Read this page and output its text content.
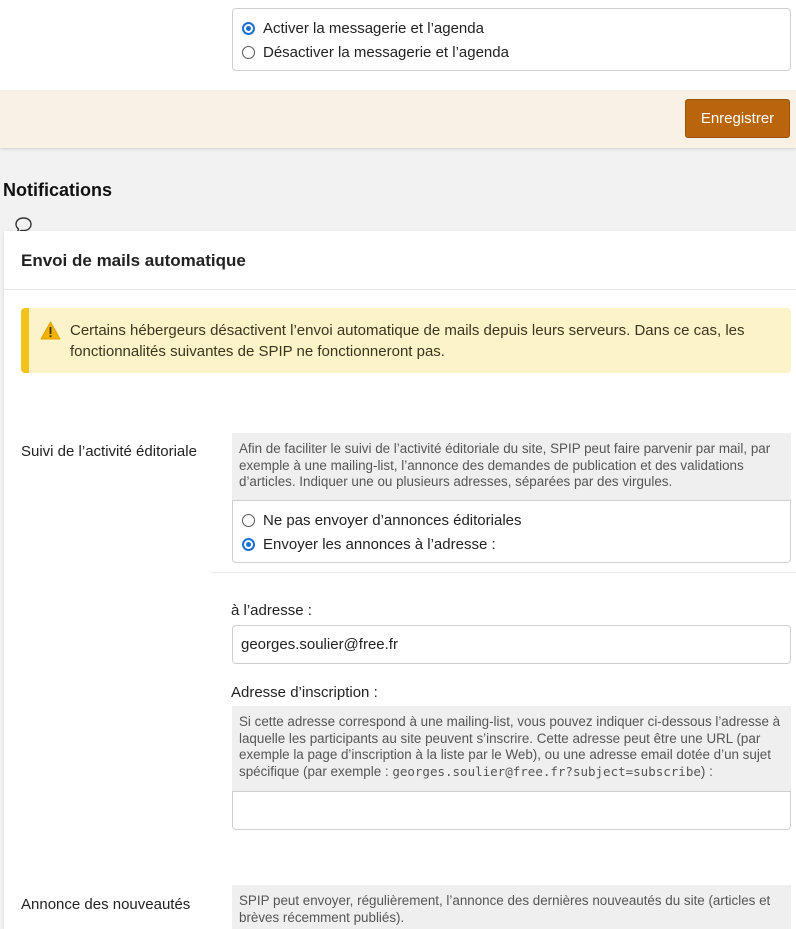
Activer la messagerie et l’agenda
Désactiver la messagerie et l’agenda
Enregistrer
Notifications
Envoi de mails automatique
Certains hébergeurs désactivent l’envoi automatique de mails depuis leurs serveurs. Dans ce cas, les fonctionnalités suivantes de SPIP ne fonctionneront pas.
Suivi de l’activité éditoriale	Afin de faciliter le suivi de l’activité éditoriale du site, SPIP peut faire parvenir par mail, par exemple à une mailing-list, l’annonce des demandes de publication et des validations d’articles. Indiquer une ou plusieurs adresses, séparées par des virgules.
Ne pas envoyer d’annonces éditoriales
Envoyer les annonces à l’adresse :
à l’adresse :
georges.soulier@free.fr
Adresse d’inscription :
Si cette adresse correspond à une mailing-list, vous pouvez indiquer ci-dessous l’adresse à laquelle les participants au site peuvent s’inscrire. Cette adresse peut être une URL (par exemple la page d’inscription à la liste par le Web), ou une adresse email dotée d’un sujet spécifique (par exemple : georges.soulier@free.fr?subject=subscribe) :
Annonce des nouveautés	SPIP peut envoyer, régulièrement, l’annonce des dernières nouveautés du site (articles et brèves récemment publiés).
